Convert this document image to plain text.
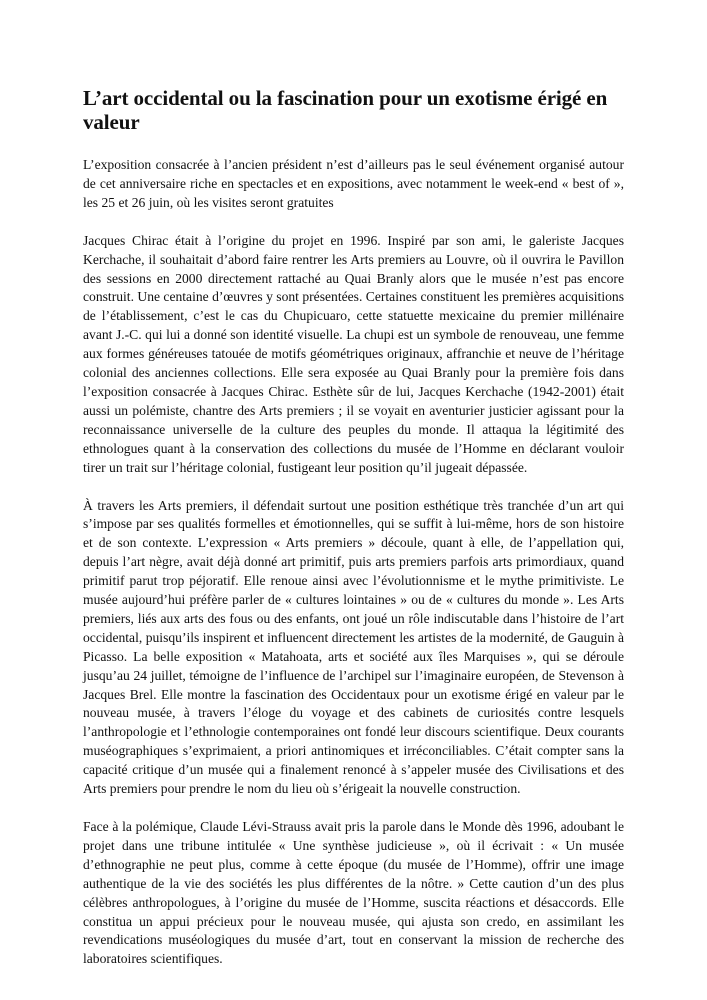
L’art occidental ou la fascination pour un exotisme érigé en valeur

L’exposition consacrée à l’ancien président n’est d’ailleurs pas le seul événement organisé autour de cet anniversaire riche en spectacles et en expositions, avec notamment le week-end « best of », les 25 et 26 juin, où les visites seront gratuites

Jacques Chirac était à l’origine du projet en 1996. Inspiré par son ami, le galeriste Jacques Kerchache, il souhaitait d’abord faire rentrer les Arts premiers au Louvre, où il ouvrira le Pavillon des sessions en 2000 directement rattaché au Quai Branly alors que le musée n’est pas encore construit. Une centaine d’œuvres y sont présentées. Certaines constituent les premières acquisitions de l’établissement, c’est le cas du Chupicuaro, cette statuette mexicaine du premier millénaire avant J.-C. qui lui a donné son identité visuelle. La chupi est un symbole de renouveau, une femme aux formes généreuses tatouée de motifs géométriques originaux, affranchie et neuve de l’héritage colonial des anciennes collections. Elle sera exposée au Quai Branly pour la première fois dans l’exposition consacrée à Jacques Chirac. Esthète sûr de lui, Jacques Kerchache (1942-2001) était aussi un polémiste, chantre des Arts premiers ; il se voyait en aventurier justicier agissant pour la reconnaissance universelle de la culture des peuples du monde. Il attaqua la légitimité des ethnologues quant à la conservation des collections du musée de l’Homme en déclarant vouloir tirer un trait sur l’héritage colonial, fustigeant leur position qu’il jugeait dépassée.

À travers les Arts premiers, il défendait surtout une position esthétique très tranchée d’un art qui s’impose par ses qualités formelles et émotionnelles, qui se suffit à lui-même, hors de son histoire et de son contexte. L’expression « Arts premiers » découle, quant à elle, de l’appellation qui, depuis l’art nègre, avait déjà donné art primitif, puis arts premiers parfois arts primordiaux, quand primitif parut trop péjoratif. Elle renoue ainsi avec l’évolutionnisme et le mythe primitiviste. Le musée aujourd’hui préfère parler de « cultures lointaines » ou de « cultures du monde ». Les Arts premiers, liés aux arts des fous ou des enfants, ont joué un rôle indiscutable dans l’histoire de l’art occidental, puisqu’ils inspirent et influencent directement les artistes de la modernité, de Gauguin à Picasso. La belle exposition « Matahoata, arts et société aux îles Marquises », qui se déroule jusqu’au 24 juillet, témoigne de l’influence de l’archipel sur l’imaginaire européen, de Stevenson à Jacques Brel. Elle montre la fascination des Occidentaux pour un exotisme érigé en valeur par le nouveau musée, à travers l’éloge du voyage et des cabinets de curiosités contre lesquels l’anthropologie et l’ethnologie contemporaines ont fondé leur discours scientifique. Deux courants muséographiques s’exprimaient, a priori antinomiques et irréconciliables. C’était compter sans la capacité critique d’un musée qui a finalement renoncé à s’appeler musée des Civilisations et des Arts premiers pour prendre le nom du lieu où s’érigeait la nouvelle construction.

Face à la polémique, Claude Lévi-Strauss avait pris la parole dans le Monde dès 1996, adoubant le projet dans une tribune intitulée « Une synthèse judicieuse », où il écrivait : « Un musée d’ethnographie ne peut plus, comme à cette époque (du musée de l’Homme), offrir une image authentique de la vie des sociétés les plus différentes de la nôtre. » Cette caution d’un des plus célèbres anthropologues, à l’origine du musée de l’Homme, suscita réactions et désaccords. Elle constitua un appui précieux pour le nouveau musée, qui ajusta son credo, en assimilant les revendications muséologiques du musée d’art, tout en conservant la mission de recherche des laboratoires scientifiques.
